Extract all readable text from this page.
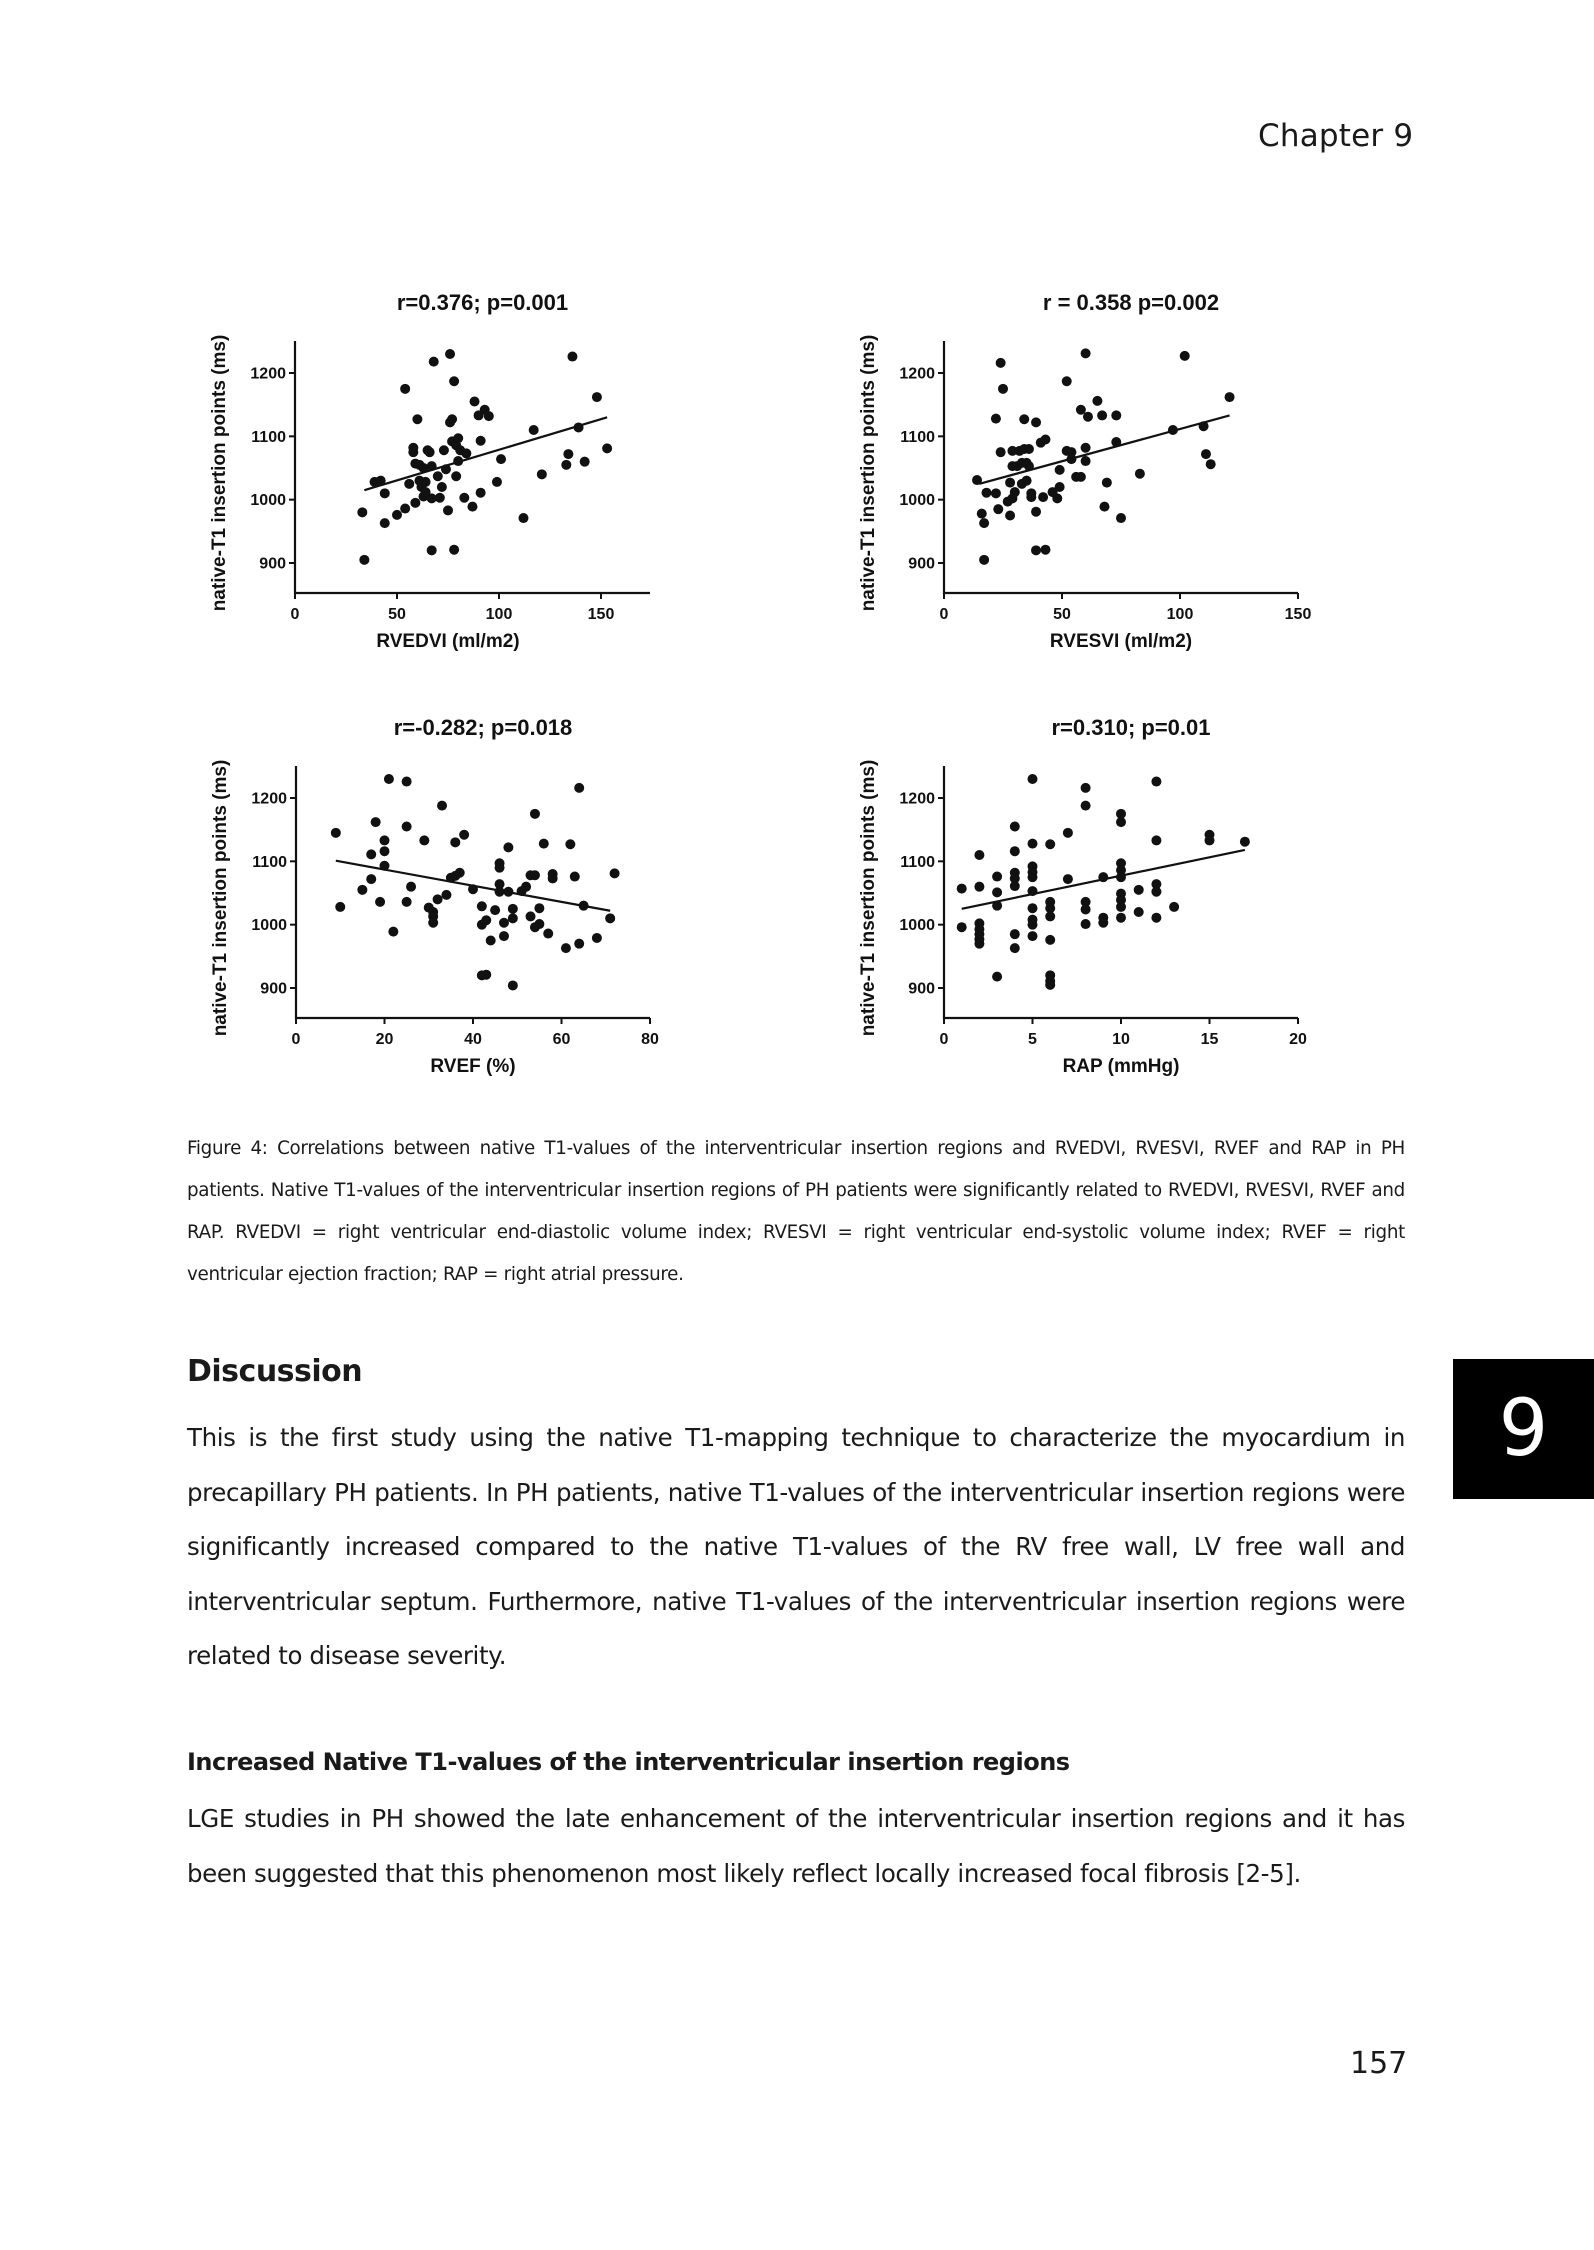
Chapter 9
r=0.376; p=0.001
900
1000
1100
1200
0	50	100	150
RVEDVI (ml/m2)
native-T1 insertion points (ms)
r = 0.358 p=0.002
900
1000
1100
1200
0	50	100	150
RVESVI (ml/m2)
native-T1 insertion points (ms)
r=-0.282; p=0.018
900
1000
1100
1200
0	20	40	60	80
RVEF (%)
native-T1 insertion points (ms)
r=0.310; p=0.01
900
1000
1100
1200
0	5	10	15	20
RAP (mmHg)
native-T1 insertion points (ms)
Figure 4: Correlations between native T1-values of the interventricular insertion regions and RVEDVI, RVESVI, RVEF and RAP in PH patients. Native T1-values of the interventricular insertion regions of PH patients were significantly related to RVEDVI, RVESVI, RVEF and RAP. RVEDVI = right ventricular end-diastolic volume index; RVESVI = right ventricular end-systolic volume index; RVEF = right ventricular ejection fraction; RAP = right atrial pressure.
Discussion
This is the first study using the native T1-mapping technique to characterize the myocardium in precapillary PH patients. In PH patients, native T1-values of the interventricular insertion regions were significantly increased compared to the native T1-values of the RV free wall, LV free wall and interventricular septum. Furthermore, native T1-values of the interventricular insertion regions were related to disease severity.
Increased Native T1-values of the interventricular insertion regions
LGE studies in PH showed the late enhancement of the interventricular insertion regions and it has been suggested that this phenomenon most likely reflect locally increased focal fibrosis [2-5].
9
157
